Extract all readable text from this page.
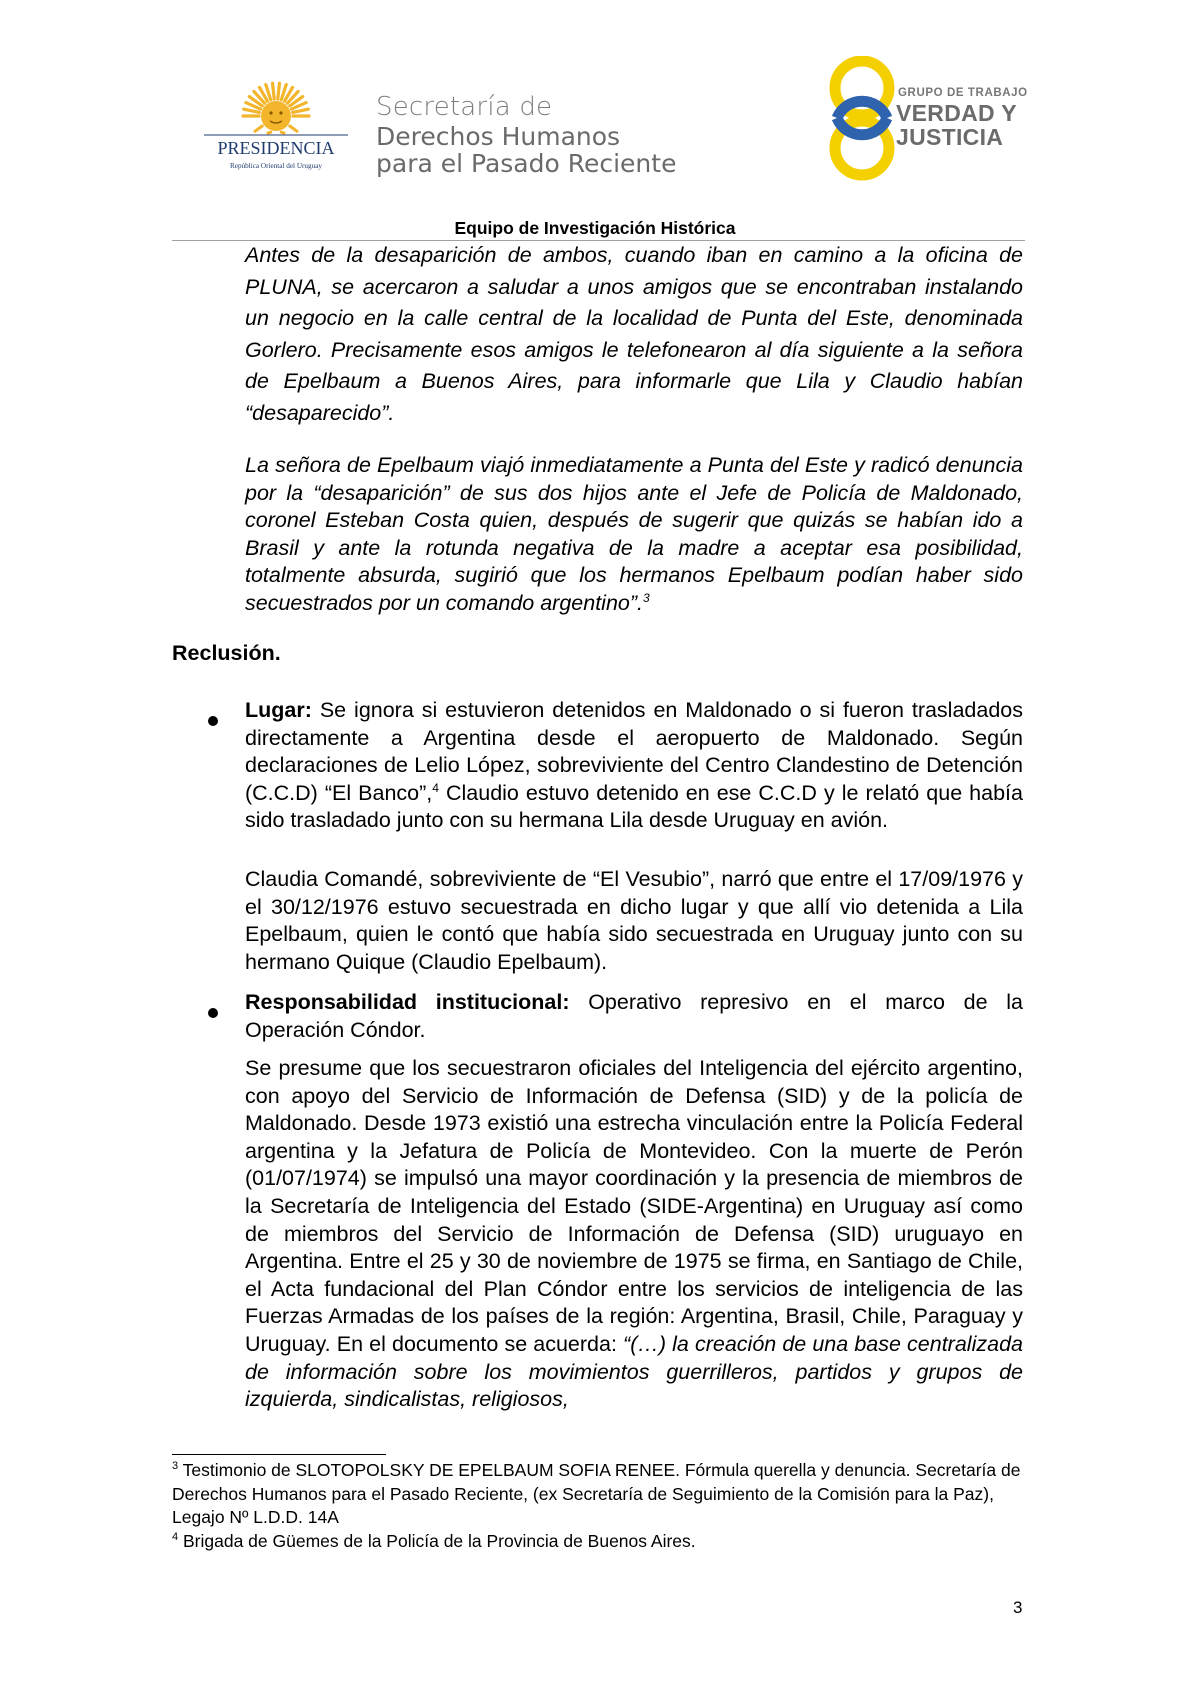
PRESIDENCIA
República Oriental del Uruguay
Secretaría de
Derechos Humanos
para el Pasado Reciente
GRUPO DE TRABAJO
VERDAD Y
JUSTICIA
Equipo de Investigación Histórica
Antes de la desaparición de ambos, cuando iban en camino a la oficina de PLUNA, se acercaron a saludar a unos amigos que se encontraban instalando un negocio en la calle central de la localidad de Punta del Este, denominada Gorlero. Precisamente esos amigos le telefonearon al día siguiente a la señora de Epelbaum a Buenos Aires, para informarle que Lila y Claudio habían “desaparecido”.
La señora de Epelbaum viajó inmediatamente a Punta del Este y radicó denuncia por la “desaparición” de sus dos hijos ante el Jefe de Policía de Maldonado, coronel Esteban Costa quien, después de sugerir que quizás se habían ido a Brasil y ante la rotunda negativa de la madre a aceptar esa posibilidad, totalmente absurda, sugirió que los hermanos Epelbaum podían haber sido secuestrados por un comando argentino”.$^3$
Reclusión.
Lugar: Se ignora si estuvieron detenidos en Maldonado o si fueron trasladados directamente a Argentina desde el aeropuerto de Maldonado. Según declaraciones de Lelio López, sobreviviente del Centro Clandestino de Detención (C.C.D) “El Banco”,$^4$ Claudio estuvo detenido en ese C.C.D y le relató que había sido trasladado junto con su hermana Lila desde Uruguay en avión.
Claudia Comandé, sobreviviente de “El Vesubio”, narró que entre el 17/09/1976 y el 30/12/1976 estuvo secuestrada en dicho lugar y que allí vio detenida a Lila Epelbaum, quien le contó que había sido secuestrada en Uruguay junto con su hermano Quique (Claudio Epelbaum).
Responsabilidad institucional: Operativo represivo en el marco de la Operación Cóndor.
Se presume que los secuestraron oficiales del Inteligencia del ejército argentino, con apoyo del Servicio de Información de Defensa (SID) y de la policía de Maldonado. Desde 1973 existió una estrecha vinculación entre la Policía Federal argentina y la Jefatura de Policía de Montevideo. Con la muerte de Perón (01/07/1974) se impulsó una mayor coordinación y la presencia de miembros de la Secretaría de Inteligencia del Estado (SIDE-Argentina) en Uruguay así como de miembros del Servicio de Información de Defensa (SID) uruguayo en Argentina. Entre el 25 y 30 de noviembre de 1975 se firma, en Santiago de Chile, el Acta fundacional del Plan Cóndor entre los servicios de inteligencia de las Fuerzas Armadas de los países de la región: Argentina, Brasil, Chile, Paraguay y Uruguay. En el documento se acuerda: “(…) la creación de una base centralizada de información sobre los movimientos guerrilleros, partidos y grupos de izquierda, sindicalistas, religiosos,
$^3$ Testimonio de SLOTOPOLSKY DE EPELBAUM SOFIA RENEE. Fórmula querella y denuncia. Secretaría de Derechos Humanos para el Pasado Reciente, (ex Secretaría de Seguimiento de la Comisión para la Paz), Legajo Nº L.D.D. 14A
$^4$ Brigada de Güemes de la Policía de la Provincia de Buenos Aires.
3
